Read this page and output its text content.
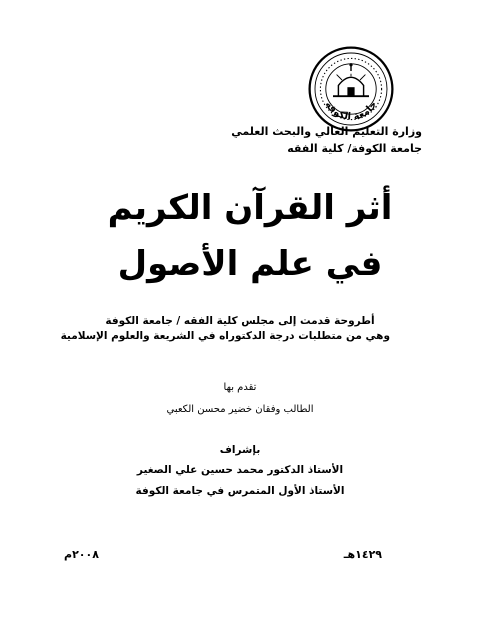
جامعة الكوفة
وزارة التعليم العالي والبحث العلمي
جامعة الكوفة/ كلية الفقه
أثر القرآن الكريم
في علم الأصول
أطروحة قدمت إلى مجلس كلية الفقه / جامعة الكوفة
وهي من متطلبات درجة الدكتوراه في الشريعة والعلوم الإسلامية
تقدم بها
الطالب وفقان خضير محسن الكعبي
بإشراف
الأستاذ الدكتور محمد حسين علي الصغير
الأستاذ الأول المتمرس في جامعة الكوفة
١٤٢٩هـ
٢٠٠٨م
